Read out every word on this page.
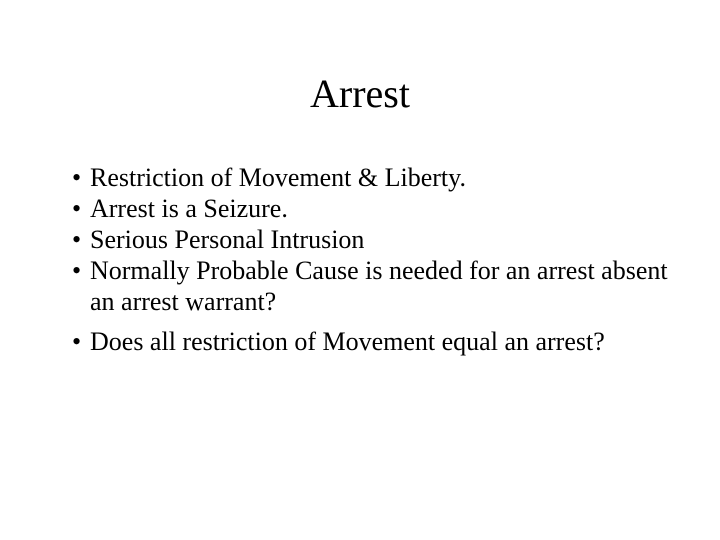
Arrest
• Restriction of Movement & Liberty.
• Arrest is a Seizure.
• Serious Personal Intrusion
• Normally Probable Cause is needed for an arrest absent an arrest warrant?
• Does all restriction of Movement equal an arrest?
